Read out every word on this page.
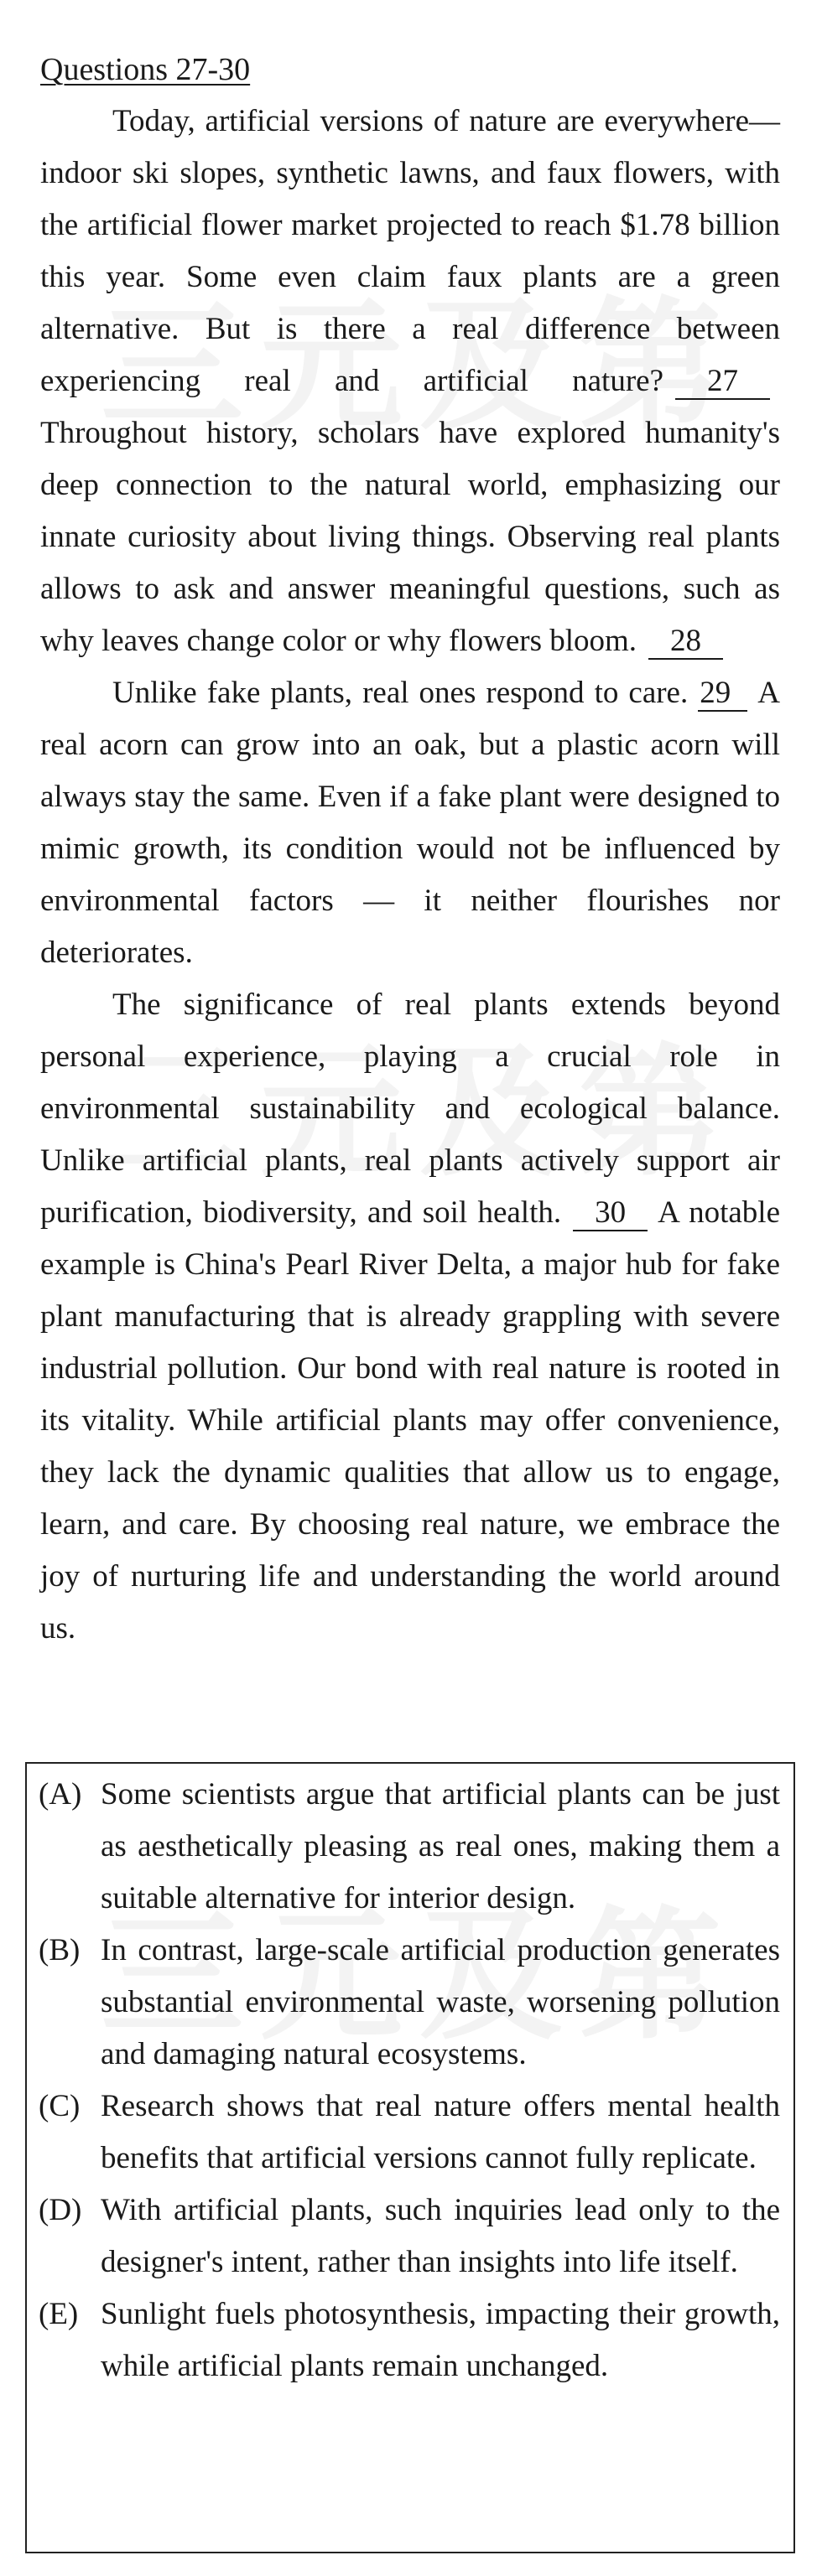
Questions 27-30

Today, artificial versions of nature are everywhere—indoor ski slopes, synthetic lawns, and faux flowers, with the artificial flower market projected to reach $1.78 billion this year. Some even claim faux plants are a green alternative. But is there a real difference between experiencing real and artificial nature? 27Throughout history, scholars have explored humanity's deep connection to the natural world, emphasizing our innate curiosity about living things. Observing real plants allows to ask and answer meaningful questions, such as why leaves change color or why flowers bloom. 28

Unlike fake plants, real ones respond to care. 29 A real acorn can grow into an oak, but a plastic acorn will always stay the same. Even if a fake plant were designed to mimic growth, its condition would not be influenced by environmental factors — it neither flourishes nor deteriorates.

The significance of real plants extends beyond personal experience, playing a crucial role in environmental sustainability and ecological balance. Unlike artificial plants, real plants actively support air purification, biodiversity, and soil health. 30 A notable example is China's Pearl River Delta, a major hub for fake plant manufacturing that is already grappling with severe industrial pollution. Our bond with real nature is rooted in its vitality. While artificial plants may offer convenience, they lack the dynamic qualities that allow us to engage, learn, and care. By choosing real nature, we embrace the joy of nurturing life and understanding the world around us.

(A) Some scientists argue that artificial plants can be just as aesthetically pleasing as real ones, making them a suitable alternative for interior design.
(B) In contrast, large-scale artificial production generates substantial environmental waste, worsening pollution and damaging natural ecosystems.
(C) Research shows that real nature offers mental health benefits that artificial versions cannot fully replicate.
(D) With artificial plants, such inquiries lead only to the designer's intent, rather than insights into life itself.
(E) Sunlight fuels photosynthesis, impacting their growth, while artificial plants remain unchanged.
